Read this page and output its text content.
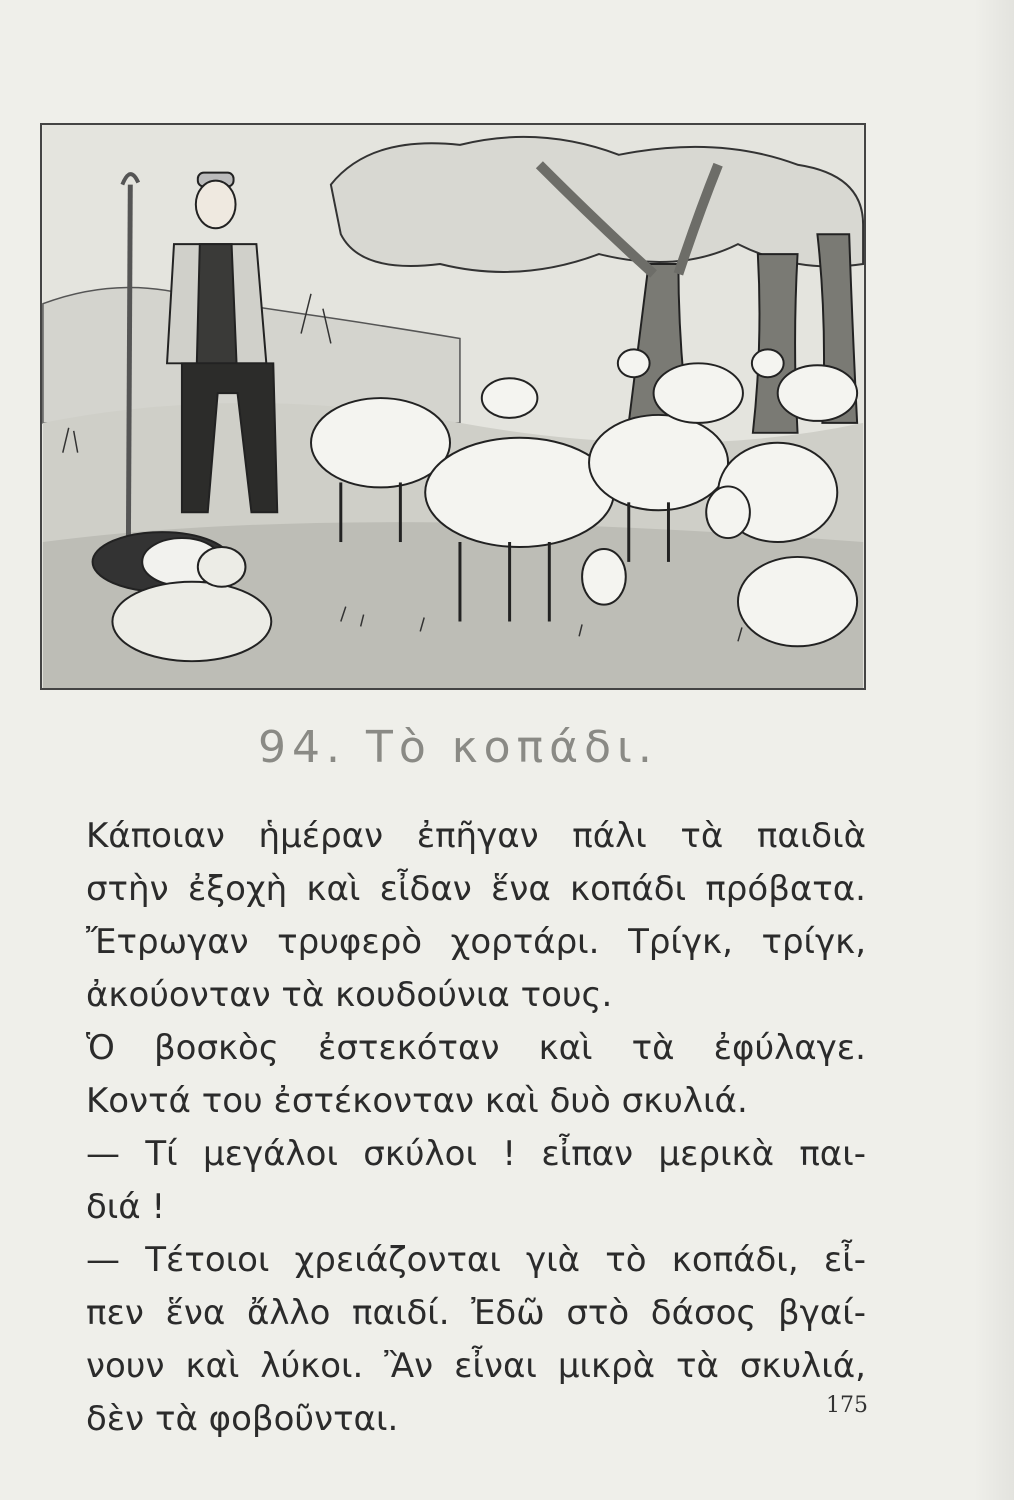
94. Τὸ κοπάδι.
Κάποιαν ἡμέραν ἐπῆγαν πάλι τὰ παιδιὰ
στὴν ἐξοχὴ καὶ εἶδαν ἕνα κοπάδι πρόβατα.
Ἔτρωγαν τρυφερὸ χορτάρι. Τρίγκ, τρίγκ,
ἀκούονταν τὰ κουδούνια τους.
Ὁ βοσκὸς ἐστεκόταν καὶ τὰ ἐφύλαγε.
Κοντά του ἐστέκονταν καὶ δυὸ σκυλιά.
— Τί μεγάλοι σκύλοι ! εἶπαν μερικὰ παι-
διά !
— Τέτοιοι χρειάζονται γιὰ τὸ κοπάδι, εἶ-
πεν ἕνα ἄλλο παιδί. Ἐδῶ στὸ δάσος βγαί-
νουν καὶ λύκοι. Ἂν εἶναι μικρὰ τὰ σκυλιά,
δὲν τὰ φοβοῦνται.	175
